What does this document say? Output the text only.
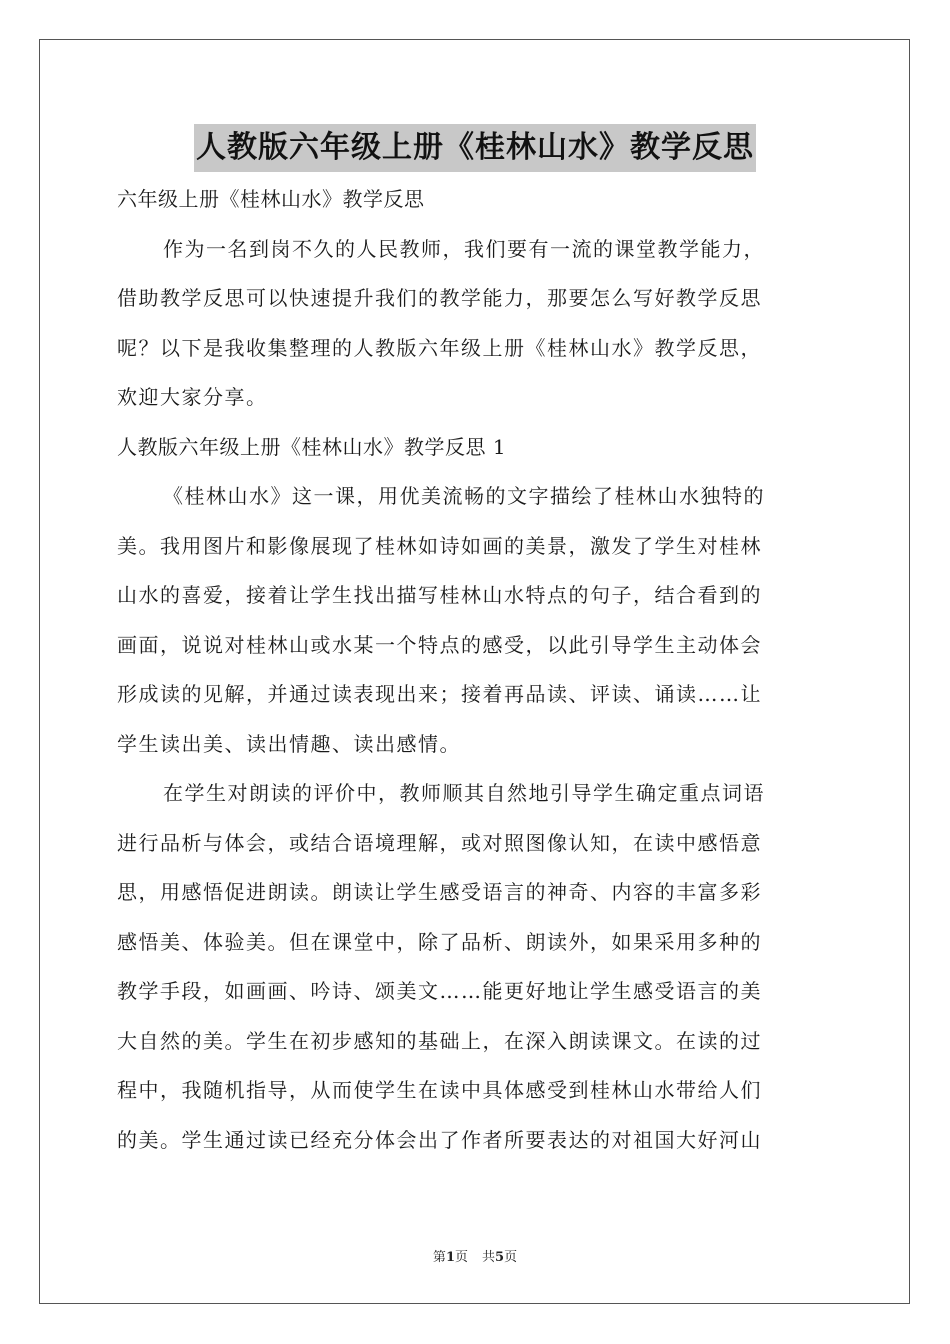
人教版六年级上册《桂林山水》教学反思
六年级上册《桂林山水》教学反思
作为一名到岗不久的人民教师，我们要有一流的课堂教学能力，
借助教学反思可以快速提升我们的教学能力，那要怎么写好教学反思
呢？以下是我收集整理的人教版六年级上册《桂林山水》教学反思，
欢迎大家分享。
人教版六年级上册《桂林山水》教学反思 1
《桂林山水》这一课，用优美流畅的文字描绘了桂林山水独特的
美。我用图片和影像展现了桂林如诗如画的美景，激发了学生对桂林
山水的喜爱，接着让学生找出描写桂林山水特点的句子，结合看到的
画面，说说对桂林山或水某一个特点的感受，以此引导学生主动体会
形成读的见解，并通过读表现出来；接着再品读、评读、诵读……让
学生读出美、读出情趣、读出感情。
在学生对朗读的评价中，教师顺其自然地引导学生确定重点词语
进行品析与体会，或结合语境理解，或对照图像认知，在读中感悟意
思，用感悟促进朗读。朗读让学生感受语言的神奇、内容的丰富多彩
感悟美、体验美。但在课堂中，除了品析、朗读外，如果采用多种的
教学手段，如画画、吟诗、颂美文……能更好地让学生感受语言的美
大自然的美。学生在初步感知的基础上，在深入朗读课文。在读的过
程中，我随机指导，从而使学生在读中具体感受到桂林山水带给人们
的美。学生通过读已经充分体会出了作者所要表达的对祖国大好河山
第1页 共5页
